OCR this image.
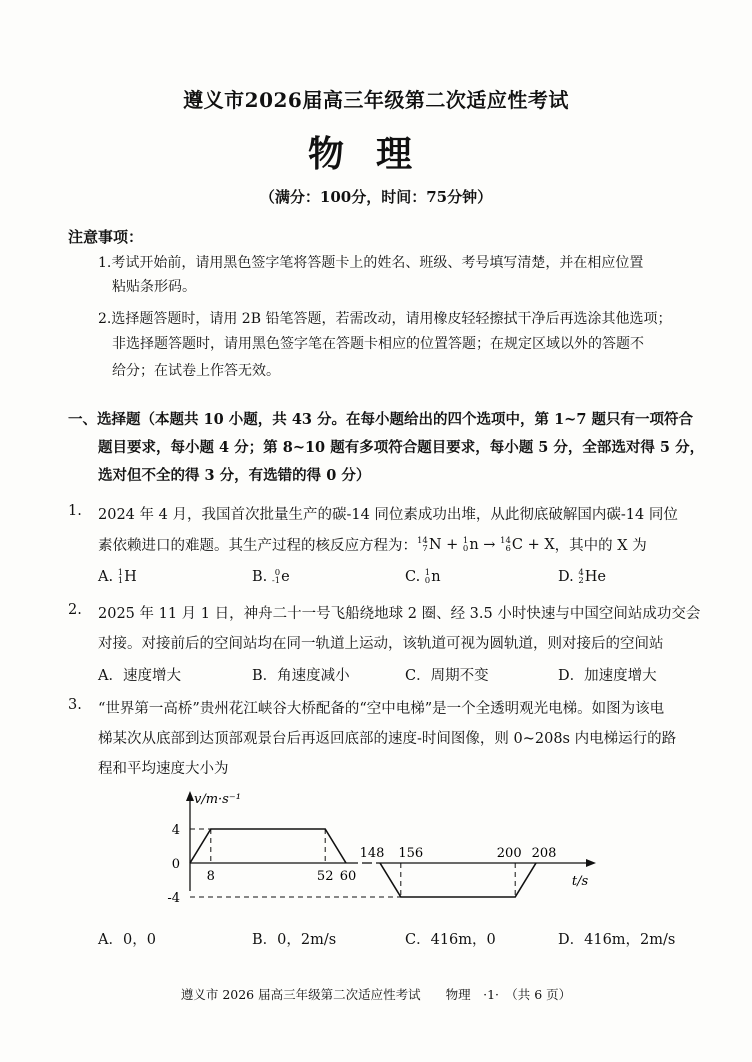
遵义市2026届高三年级第二次适应性考试
物理
（满分：100分，时间：75分钟）
注意事项：
1.考试开始前，请用黑色签字笔将答题卡上的姓名、班级、考号填写清楚，并在相应位置
粘贴条形码。
2.选择题答题时，请用 2B 铅笔答题，若需改动，请用橡皮轻轻擦拭干净后再选涂其他选项；
非选择题答题时，请用黑色签字笔在答题卡相应的位置答题；在规定区域以外的答题不
给分；在试卷上作答无效。
一、选择题（本题共 10 小题，共 43 分。在每小题给出的四个选项中，第 1~7 题只有一项符合
题目要求，每小题 4 分；第 8~10 题有多项符合题目要求，每小题 5 分，全部选对得 5 分，
选对但不全的得 3 分，有选错的得 0 分）
1. 2024 年 4 月，我国首次批量生产的碳-14 同位素成功出堆，从此彻底破解国内碳-14 同位
素依赖进口的难题。其生产过程的核反应方程为： 14
7 N + 1
0 n → 14
6 C + X ，其中的 X 为
A.
1
1 H	B.
0
-1 e	C.
1
0 n	D.
4
2 He
2. 2025 年 11 月 1 日，神舟二十一号飞船绕地球 2 圈、经 3.5 小时快速与中国空间站成功交会
对接。对接前后的空间站均在同一轨道上运动，该轨道可视为圆轨道，则对接后的空间站
A．速度增大	B．角速度减小	C．周期不变	D．加速度增大
3. “世界第一高桥”贵州花江峡谷大桥配备的“空中电梯”是一个全透明观光电梯。如图为该电
梯某次从底部到达顶部观景台后再返回底部的速度-时间图像，则 0~208s 内电梯运行的路
程和平均速度大小为
v/m·s⁻¹
t/s
4
0
-4
8	52 60
148 156	200 208
A．0，0	B．0，2m/s	C．416m，0	D．416m，2m/s
遵义市 2026 届高三年级第二次适应性考试　　物理　·1·　（共 6 页）
